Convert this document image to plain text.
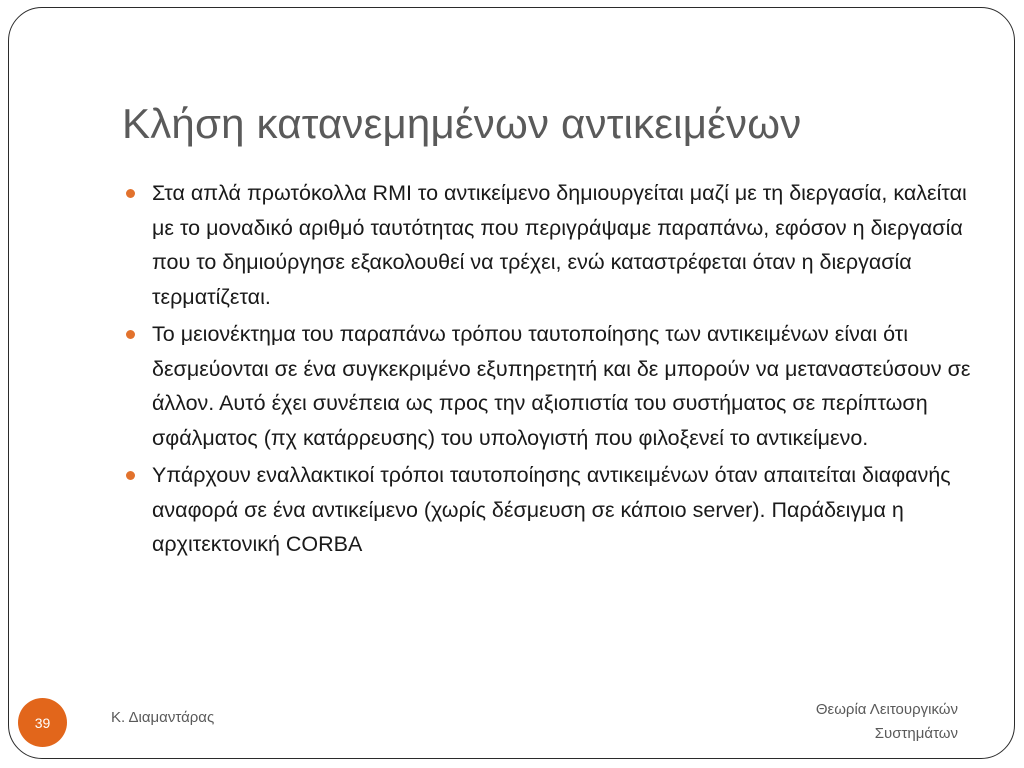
Κλήση κατανεμημένων αντικειμένων
Στα απλά πρωτόκολλα RMI το αντικείμενο δημιουργείται μαζί με τη διεργασία, καλείται με το μοναδικό αριθμό ταυτότητας που περιγράψαμε παραπάνω, εφόσον η διεργασία που το δημιούργησε εξακολουθεί να τρέχει, ενώ καταστρέφεται όταν η διεργασία τερματίζεται.
Το μειονέκτημα του παραπάνω τρόπου ταυτοποίησης των αντικειμένων είναι ότι δεσμεύονται σε ένα συγκεκριμένο εξυπηρετητή και δε μπορούν να μεταναστεύσουν σε άλλον. Αυτό έχει συνέπεια ως προς την αξιοπιστία του συστήματος σε περίπτωση σφάλματος (πχ κατάρρευσης) του υπολογιστή που φιλοξενεί το αντικείμενο.
Υπάρχουν εναλλακτικοί τρόποι ταυτοποίησης αντικειμένων όταν απαιτείται διαφανής αναφορά σε ένα αντικείμενο (χωρίς δέσμευση σε κάποιο server). Παράδειγμα η αρχιτεκτονική CORBA
39	Κ. Διαμαντάρας	Θεωρία Λειτουργικών
Συστημάτων
